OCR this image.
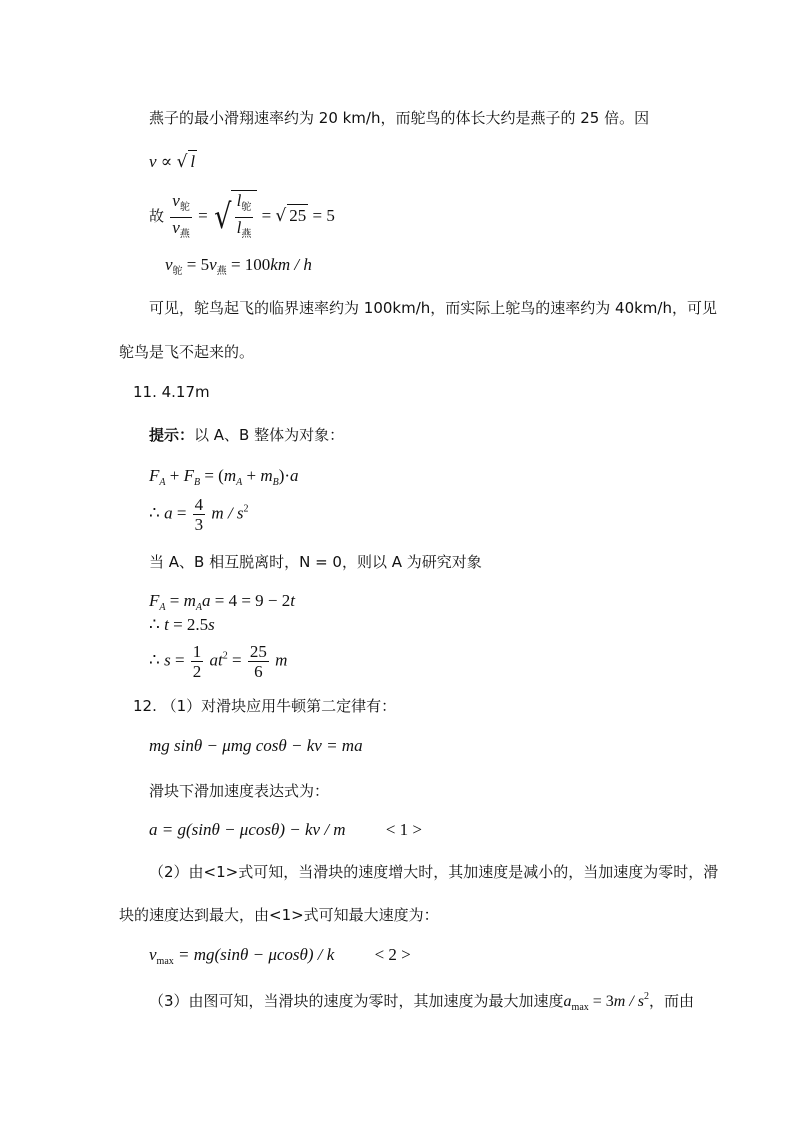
燕子的最小滑翔速率约为 20 km/h，而鸵鸟的体长大约是燕子的 25 倍。因
v ∝ √ l
故 $\frac{v_鸵}{v_燕}$ = √ $\frac{l_鸵}{l_燕}$ = √ 25 = 5
$v_鸵 = 5v_燕 = 100km / h$
可见，鸵鸟起飞的临界速率约为 100km/h，而实际上鸵鸟的速率约为 40km/h，可见
鸵鸟是飞不起来的。
11. 4.17m
提示：以 A、B 整体为对象：
$F_A + F_B = (m_A + m_B)\cdot a$
∴ $a = \frac{4}{3}$ m / $s^2$
当 A、B 相互脱离时，N = 0，则以 A 为研究对象
$F_A = m_Aa = 4 = 9 - 2t$
∴ t = 2.5s
∴ $s = \frac{1}{2} at^2 = \frac{25}{6}$ m
12. （1）对滑块应用牛顿第二定律有：
mg sinθ − μmg cosθ − kv = ma
滑块下滑加速度表达式为：
a = g(sinθ − μcosθ) − kv / m < 1 >
（2）由<1>式可知，当滑块的速度增大时，其加速度是减小的，当加速度为零时，滑
块的速度达到最大，由<1>式可知最大速度为：
$v_{max} = mg(\sin\theta - \mu\cos\theta) / k < 2$ >
（3）由图可知，当滑块的速度为零时，其加速度为最大加速度$a_{max} = 3m / s^2$，而由
